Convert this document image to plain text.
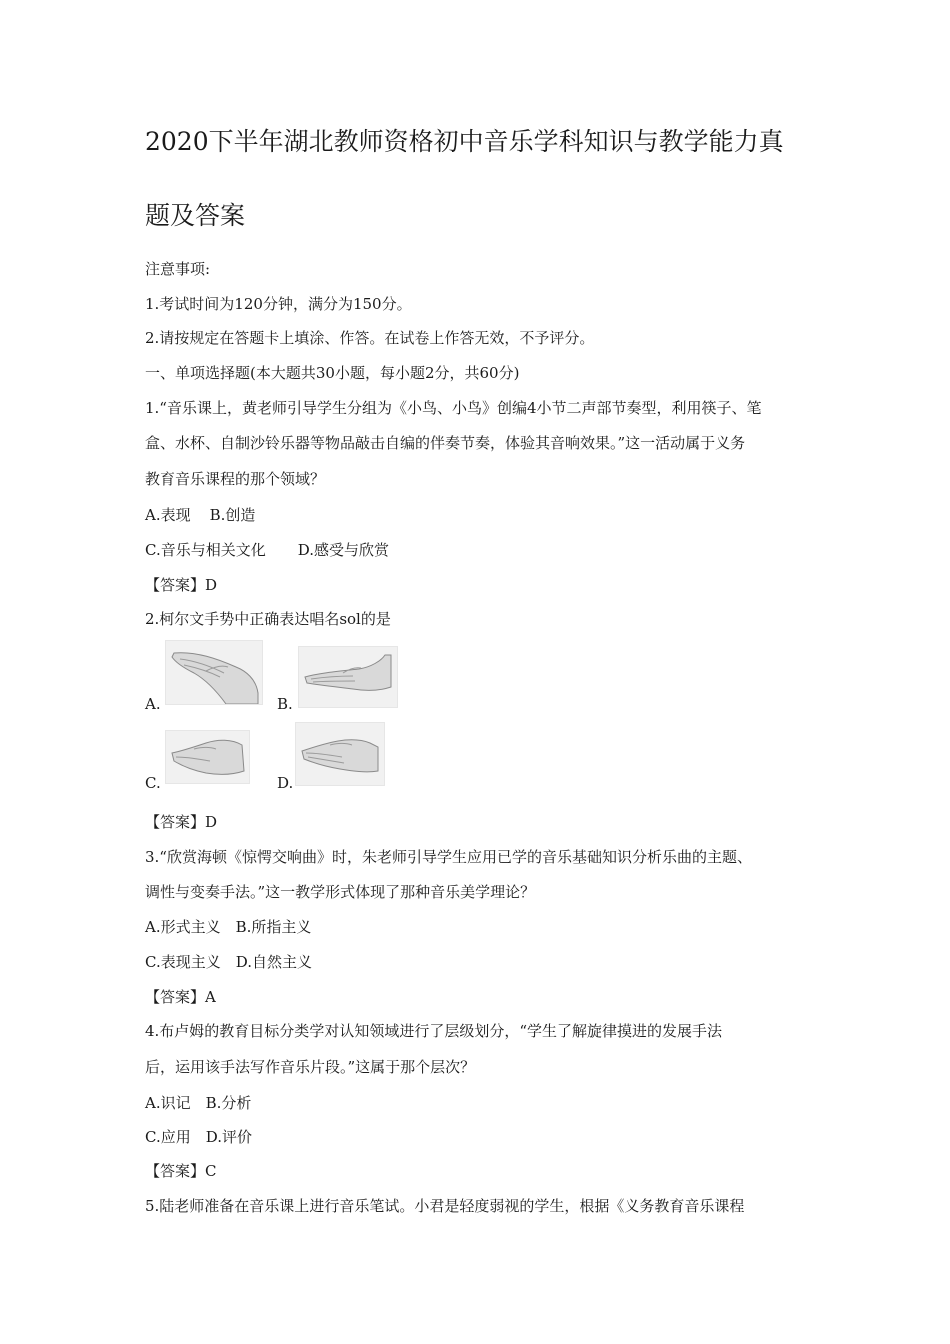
2020下半年湖北教师资格初中音乐学科知识与教学能力真
题及答案
注意事项:
1.考试时间为120分钟，满分为150分。
2.请按规定在答题卡上填涂、作答。在试卷上作答无效，不予评分。
一、单项选择题(本大题共30小题，每小题2分，共60分)
1.“音乐课上，黄老师引导学生分组为《小鸟、小鸟》创编4小节二声部节奏型，利用筷子、笔
盒、水杯、自制沙铃乐器等物品敲击自编的伴奏节奏，体验其音响效果。”这一活动属于义务
教育音乐课程的那个领域？
A.表现 B.创造
C.音乐与相关文化 D.感受与欣赏
【答案】D
2.柯尔文手势中正确表达唱名sol的是
A.	B.
C.	D.
【答案】D
3.“欣赏海顿《惊愕交响曲》时，朱老师引导学生应用已学的音乐基础知识分析乐曲的主题、
调性与变奏手法。”这一教学形式体现了那种音乐美学理论？
A.形式主义 B.所指主义
C.表现主义 D.自然主义
【答案】A
4.布卢姆的教育目标分类学对认知领域进行了层级划分，“学生了解旋律摸进的发展手法
后，运用该手法写作音乐片段。”这属于那个层次？
A.识记 B.分析
C.应用 D.评价
【答案】C
5.陆老师准备在音乐课上进行音乐笔试。小君是轻度弱视的学生，根据《义务教育音乐课程
